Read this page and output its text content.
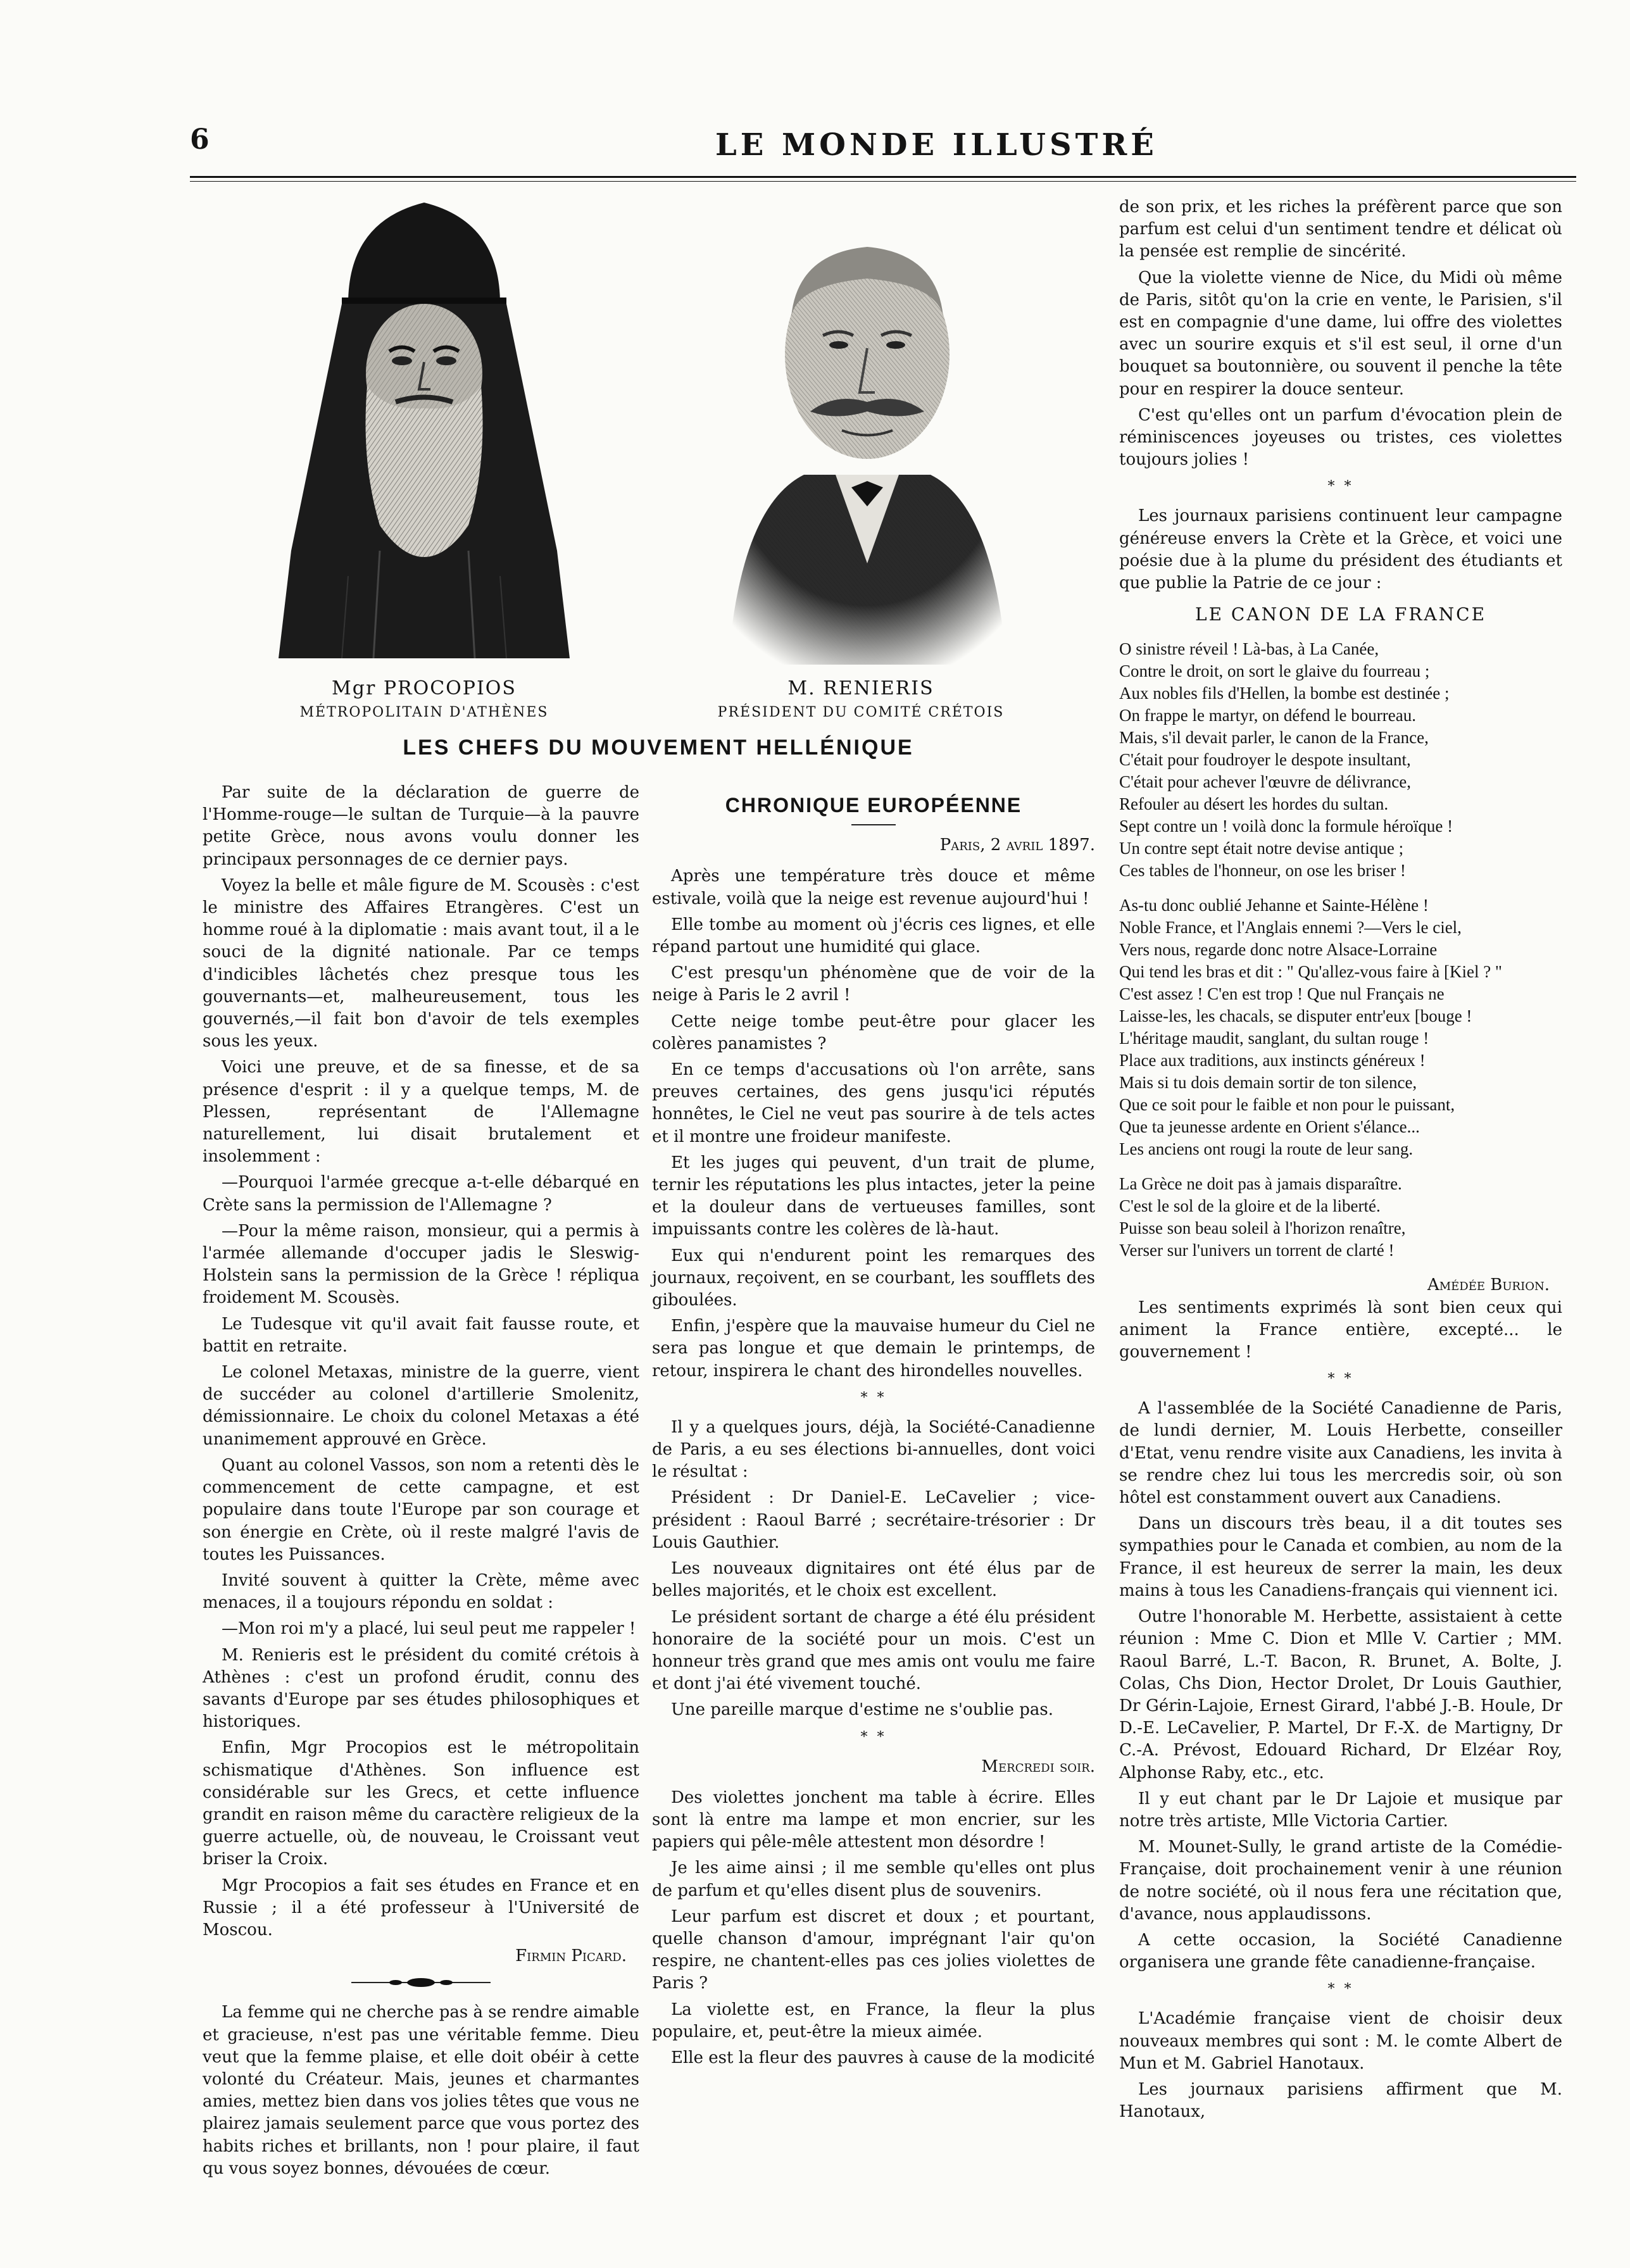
6	LE MONDE ILLUSTRÉ
Mgr PROCOPIOS
MÉTROPOLITAIN D'ATHÈNES
M. RENIERIS
PRÉSIDENT DU COMITÉ CRÉTOIS
LES CHEFS DU MOUVEMENT HELLÉNIQUE

Par suite de la déclaration de guerre de l'Homme-rouge—le sultan de Turquie—à la pauvre petite Grèce, nous avons voulu donner les principaux personnages de ce dernier pays.

Voyez la belle et mâle figure de M. Scousès : c'est le ministre des Affaires Etrangères. C'est un homme roué à la diplomatie : mais avant tout, il a le souci de la dignité nationale. Par ce temps d'indicibles lâchetés chez presque tous les gouvernants—et, malheureusement, tous les gouvernés,—il fait bon d'avoir de tels exemples sous les yeux.

Voici une preuve, et de sa finesse, et de sa présence d'esprit : il y a quelque temps, M. de Plessen, représentant de l'Allemagne naturellement, lui disait brutalement et insolemment :

—Pourquoi l'armée grecque a-t-elle débarqué en Crète sans la permission de l'Allemagne ?

—Pour la même raison, monsieur, qui a permis à l'armée allemande d'occuper jadis le Sleswig-Holstein sans la permission de la Grèce ! répliqua froidement M. Scousès.

Le Tudesque vit qu'il avait fait fausse route, et battit en retraite.

Le colonel Metaxas, ministre de la guerre, vient de succéder au colonel d'artillerie Smolenitz, démissionnaire. Le choix du colonel Metaxas a été unanimement approuvé en Grèce.

Quant au colonel Vassos, son nom a retenti dès le commencement de cette campagne, et est populaire dans toute l'Europe par son courage et son énergie en Crète, où il reste malgré l'avis de toutes les Puissances.

Invité souvent à quitter la Crète, même avec menaces, il a toujours répondu en soldat :

—Mon roi m'y a placé, lui seul peut me rappeler !

M. Renieris est le président du comité crétois à Athènes : c'est un profond érudit, connu des savants d'Europe par ses études philosophiques et historiques.

Enfin, Mgr Procopios est le métropolitain schismatique d'Athènes. Son influence est considérable sur les Grecs, et cette influence grandit en raison même du caractère religieux de la guerre actuelle, où, de nouveau, le Croissant veut briser la Croix.

Mgr Procopios a fait ses études en France et en Russie ; il a été professeur à l'Université de Moscou.

Firmin Picard.

La femme qui ne cherche pas à se rendre aimable et gracieuse, n'est pas une véritable femme. Dieu veut que la femme plaise, et elle doit obéir à cette volonté du Créateur. Mais, jeunes et charmantes amies, mettez bien dans vos jolies têtes que vous ne plairez jamais seulement parce que vous portez des habits riches et brillants, non ! pour plaire, il faut qu vous soyez bonnes, dévouées de cœur.

CHRONIQUE EUROPÉENNE
Paris, 2 avril 1897.

Après une température très douce et même estivale, voilà que la neige est revenue aujourd'hui !

Elle tombe au moment où j'écris ces lignes, et elle répand partout une humidité qui glace.

C'est presqu'un phénomène que de voir de la neige à Paris le 2 avril !

Cette neige tombe peut-être pour glacer les colères panamistes ?

En ce temps d'accusations où l'on arrête, sans preuves certaines, des gens jusqu'ici réputés honnêtes, le Ciel ne veut pas sourire à de tels actes et il montre une froideur manifeste.

Et les juges qui peuvent, d'un trait de plume, ternir les réputations les plus intactes, jeter la peine et la douleur dans de vertueuses familles, sont impuissants contre les colères de là-haut.

Eux qui n'endurent point les remarques des journaux, reçoivent, en se courbant, les soufflets des giboulées.

Enfin, j'espère que la mauvaise humeur du Ciel ne sera pas longue et que demain le printemps, de retour, inspirera le chant des hirondelles nouvelles.

* *

Il y a quelques jours, déjà, la Société-Canadienne de Paris, a eu ses élections bi-annuelles, dont voici le résultat :

Président : Dr Daniel-E. LeCavelier ; vice-président : Raoul Barré ; secrétaire-trésorier : Dr Louis Gauthier.

Les nouveaux dignitaires ont été élus par de belles majorités, et le choix est excellent.

Le président sortant de charge a été élu président honoraire de la société pour un mois. C'est un honneur très grand que mes amis ont voulu me faire et dont j'ai été vivement touché.

Une pareille marque d'estime ne s'oublie pas.

* *
Mercredi soir.

Des violettes jonchent ma table à écrire. Elles sont là entre ma lampe et mon encrier, sur les papiers qui pêle-mêle attestent mon désordre !

Je les aime ainsi ; il me semble qu'elles ont plus de parfum et qu'elles disent plus de souvenirs.

Leur parfum est discret et doux ; et pourtant, quelle chanson d'amour, imprégnant l'air qu'on respire, ne chantent-elles pas ces jolies violettes de Paris ?

La violette est, en France, la fleur la plus populaire, et, peut-être la mieux aimée.

Elle est la fleur des pauvres à cause de la modicité

de son prix, et les riches la préfèrent parce que son parfum est celui d'un sentiment tendre et délicat où la pensée est remplie de sincérité.

Que la violette vienne de Nice, du Midi où même de Paris, sitôt qu'on la crie en vente, le Parisien, s'il est en compagnie d'une dame, lui offre des violettes avec un sourire exquis et s'il est seul, il orne d'un bouquet sa boutonnière, ou souvent il penche la tête pour en respirer la douce senteur.

C'est qu'elles ont un parfum d'évocation plein de réminiscences joyeuses ou tristes, ces violettes toujours jolies !

* *

Les journaux parisiens continuent leur campagne généreuse envers la Crète et la Grèce, et voici une poésie due à la plume du président des étudiants et que publie la Patrie de ce jour :

LE CANON DE LA FRANCE
O sinistre réveil ! Là-bas, à La Canée,
Contre le droit, on sort le glaive du fourreau ;
Aux nobles fils d'Hellen, la bombe est destinée ;
On frappe le martyr, on défend le bourreau.
Mais, s'il devait parler, le canon de la France,
C'était pour foudroyer le despote insultant,
C'était pour achever l'œuvre de délivrance,
Refouler au désert les hordes du sultan.
Sept contre un ! voilà donc la formule héroïque !
Un contre sept était notre devise antique ;
Ces tables de l'honneur, on ose les briser !
As-tu donc oublié Jehanne et Sainte-Hélène !
Noble France, et l'Anglais ennemi ?—Vers le ciel,
Vers nous, regarde donc notre Alsace-Lorraine
Qui tend les bras et dit : " Qu'allez-vous faire à [Kiel ? "
C'est assez ! C'en est trop ! Que nul Français ne
Laisse-les, les chacals, se disputer entr'eux [bouge !
L'héritage maudit, sanglant, du sultan rouge !
Place aux traditions, aux instincts généreux !
Mais si tu dois demain sortir de ton silence,
Que ce soit pour le faible et non pour le puissant,
Que ta jeunesse ardente en Orient s'élance...
Les anciens ont rougi la route de leur sang.
La Grèce ne doit pas à jamais disparaître.
C'est le sol de la gloire et de la liberté.
Puisse son beau soleil à l'horizon renaître,
Verser sur l'univers un torrent de clarté !
Amédée Burion.

Les sentiments exprimés là sont bien ceux qui animent la France entière, excepté... le gouvernement !

* *

A l'assemblée de la Société Canadienne de Paris, de lundi dernier, M. Louis Herbette, conseiller d'Etat, venu rendre visite aux Canadiens, les invita à se rendre chez lui tous les mercredis soir, où son hôtel est constamment ouvert aux Canadiens.

Dans un discours très beau, il a dit toutes ses sympathies pour le Canada et combien, au nom de la France, il est heureux de serrer la main, les deux mains à tous les Canadiens-français qui viennent ici.

Outre l'honorable M. Herbette, assistaient à cette réunion : Mme C. Dion et Mlle V. Cartier ; MM. Raoul Barré, L.-T. Bacon, R. Brunet, A. Bolte, J. Colas, Chs Dion, Hector Drolet, Dr Louis Gauthier, Dr Gérin-Lajoie, Ernest Girard, l'abbé J.-B. Houle, Dr D.-E. LeCavelier, P. Martel, Dr F.-X. de Martigny, Dr C.-A. Prévost, Edouard Richard, Dr Elzéar Roy, Alphonse Raby, etc., etc.

Il y eut chant par le Dr Lajoie et musique par notre très artiste, Mlle Victoria Cartier.

M. Mounet-Sully, le grand artiste de la Comédie-Française, doit prochainement venir à une réunion de notre société, où il nous fera une récitation que, d'avance, nous applaudissons.

A cette occasion, la Société Canadienne organisera une grande fête canadienne-française.

* *

L'Académie française vient de choisir deux nouveaux membres qui sont : M. le comte Albert de Mun et M. Gabriel Hanotaux.

Les journaux parisiens affirment que M. Hanotaux,
